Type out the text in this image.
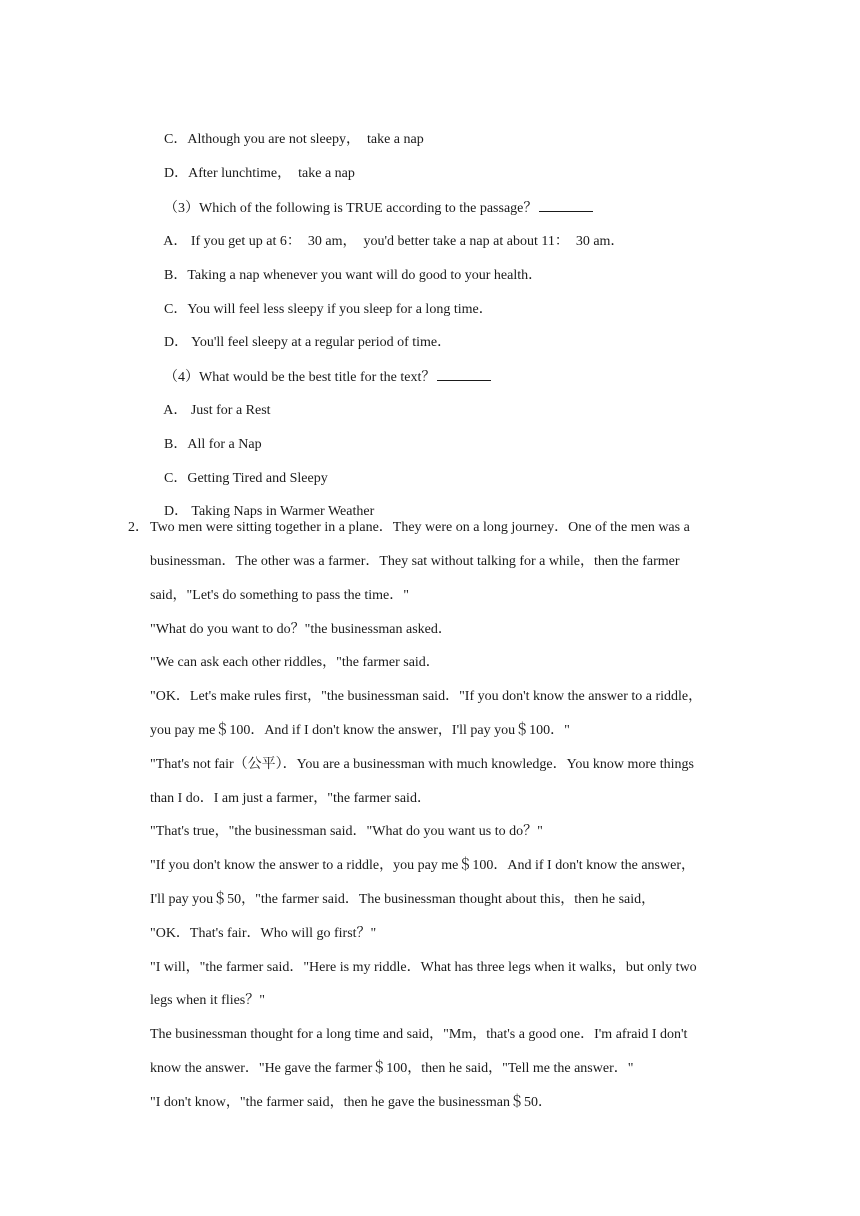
C．Although you are not sleepy，  take a nap

D．After lunchtime，  take a nap

（3）Which of the following is TRUE according to the passage？

A． If you get up at 6：  30 am，  you'd better take a nap at about 11：  30 am．

B．Taking a nap whenever you want will do good to your health．

C．You will feel less sleepy if you sleep for a long time．

D． You'll feel sleepy at a regular period of time．

（4）What would be the best title for the text？

A． Just for a Rest

B．All for a Nap

C．Getting Tired and Sleepy

D． Taking Naps in Warmer Weather

2． Two men were sitting together in a plane．They were on a long journey．One of the men was a
businessman．The other was a farmer．They sat without talking for a while，then the farmer
said，"Let's do something to pass the time．"
"What do you want to do？"the businessman asked．
"We can ask each other riddles，"the farmer said．
"OK．Let's make rules first，"the businessman said．"If you don't know the answer to a riddle，
you pay me＄100．And if I don't know the answer，I'll pay you＄100．"
"That's not fair（公平）．You are a businessman with much knowledge．You know more things
than I do．I am just a farmer，"the farmer said．
"That's true，"the businessman said．"What do you want us to do？"
"If you don't know the answer to a riddle，you pay me＄100．And if I don't know the answer，
I'll pay you＄50，"the farmer said．The businessman thought about this，then he said，
"OK．That's fair．Who will go first？"
"I will，"the farmer said．"Here is my riddle．What has three legs when it walks，but only two
legs when it flies？"
The businessman thought for a long time and said，"Mm，that's a good one．I'm afraid I don't
know the answer．"He gave the farmer＄100，then he said，"Tell me the answer．"
"I don't know，"the farmer said，then he gave the businessman＄50．
